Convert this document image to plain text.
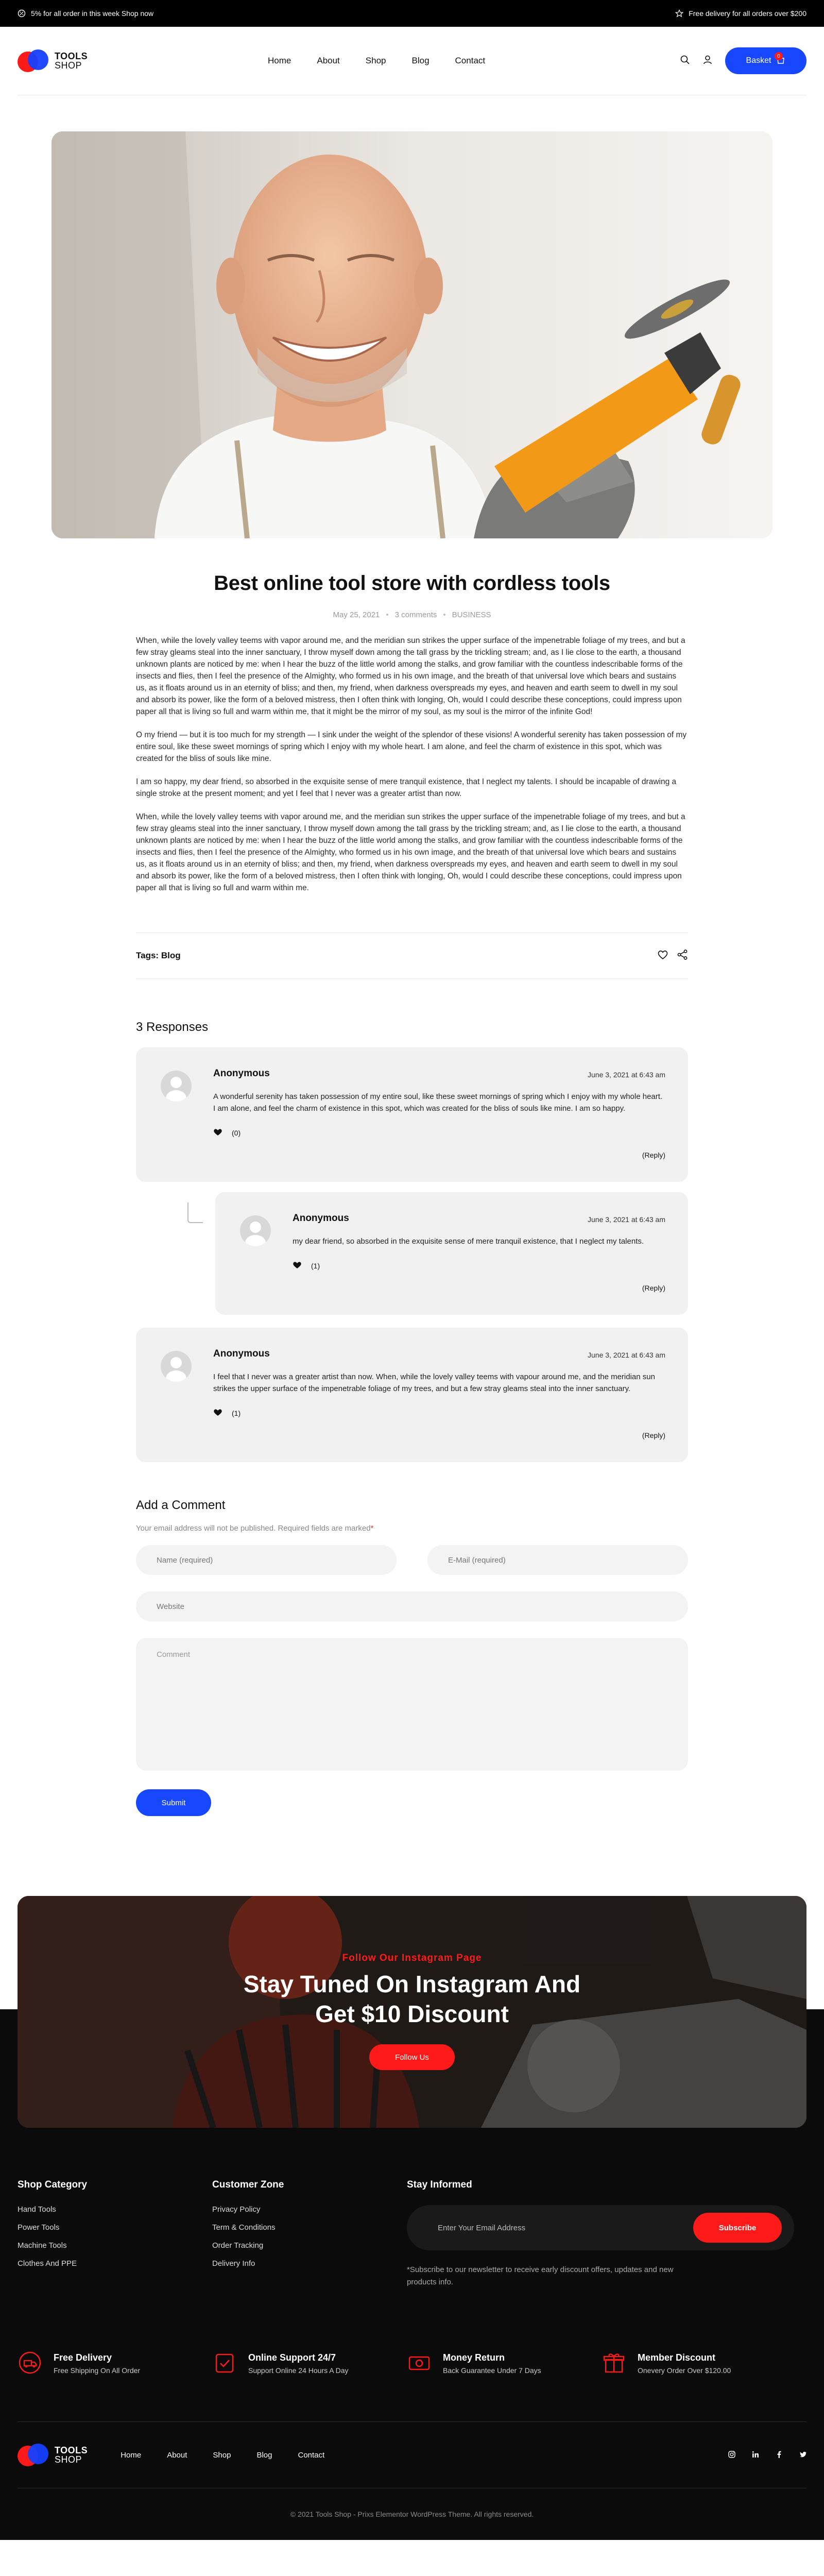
5% for all order in this week Shop now	Free delivery for all orders over $200
TOOLS
SHOP	Home	About	Shop	Blog	Contact	Basket	0
Best online tool store with cordless tools
May 25, 2021 • 3 comments • BUSINESS

When, while the lovely valley teems with vapor around me, and the meridian sun strikes the upper surface of the impenetrable foliage of my trees, and but a few stray gleams steal into the inner sanctuary, I throw myself down among the tall grass by the trickling stream; and, as I lie close to the earth, a thousand unknown plants are noticed by me: when I hear the buzz of the little world among the stalks, and grow familiar with the countless indescribable forms of the insects and flies, then I feel the presence of the Almighty, who formed us in his own image, and the breath of that universal love which bears and sustains us, as it floats around us in an eternity of bliss; and then, my friend, when darkness overspreads my eyes, and heaven and earth seem to dwell in my soul and absorb its power, like the form of a beloved mistress, then I often think with longing, Oh, would I could describe these conceptions, could impress upon paper all that is living so full and warm within me, that it might be the mirror of my soul, as my soul is the mirror of the infinite God!

O my friend — but it is too much for my strength — I sink under the weight of the splendor of these visions! A wonderful serenity has taken possession of my entire soul, like these sweet mornings of spring which I enjoy with my whole heart. I am alone, and feel the charm of existence in this spot, which was created for the bliss of souls like mine.

I am so happy, my dear friend, so absorbed in the exquisite sense of mere tranquil existence, that I neglect my talents. I should be incapable of drawing a single stroke at the present moment; and yet I feel that I never was a greater artist than now.

When, while the lovely valley teems with vapor around me, and the meridian sun strikes the upper surface of the impenetrable foliage of my trees, and but a few stray gleams steal into the inner sanctuary, I throw myself down among the tall grass by the trickling stream; and, as I lie close to the earth, a thousand unknown plants are noticed by me: when I hear the buzz of the little world among the stalks, and grow familiar with the countless indescribable forms of the insects and flies, then I feel the presence of the Almighty, who formed us in his own image, and the breath of that universal love which bears and sustains us, as it floats around us in an eternity of bliss; and then, my friend, when darkness overspreads my eyes, and heaven and earth seem to dwell in my soul and absorb its power, like the form of a beloved mistress, then I often think with longing, Oh, would I could describe these conceptions, could impress upon paper all that is living so full and warm within me.

Tags: Blog
3 Responses
Anonymous	June 3, 2021 at 6:43 am
A wonderful serenity has taken possession of my entire soul, like these sweet mornings of spring which I enjoy with my whole heart. I am alone, and feel the charm of existence in this spot, which was created for the bliss of souls like mine. I am so happy.
(0)
(Reply)
Anonymous	June 3, 2021 at 6:43 am
my dear friend, so absorbed in the exquisite sense of mere tranquil existence, that I neglect my talents.
(1)
(Reply)
Anonymous	June 3, 2021 at 6:43 am
I feel that I never was a greater artist than now. When, while the lovely valley teems with vapour around me, and the meridian sun strikes the upper surface of the impenetrable foliage of my trees, and but a few stray gleams steal into the inner sanctuary.
(1)
(Reply)
Add a Comment
Your email address will not be published. Required fields are marked*
Name (required)
E-Mail (required)
Website
Comment
Submit
Follow Our Instagram Page
Stay Tuned On Instagram And
Get $10 Discount
Follow Us
Shop Category
Hand Tools
Power Tools
Machine Tools
Clothes And PPE
Customer Zone
Privacy Policy
Term & Conditions
Order Tracking
Delivery Info
Stay Informed
Enter Your Email Address	Subscribe
*Subscribe to our newsletter to receive early discount offers, updates and new products info.
Free Delivery
Free Shipping On All Order
Online Support 24/7
Support Online 24 Hours A Day
Money Return
Back Guarantee Under 7 Days
Member Discount
Onevery Order Over $120.00
TOOLS
SHOP	Home	About	Shop	Blog	Contact
© 2021 Tools Shop - Prixs Elementor WordPress Theme. All rights reserved.
